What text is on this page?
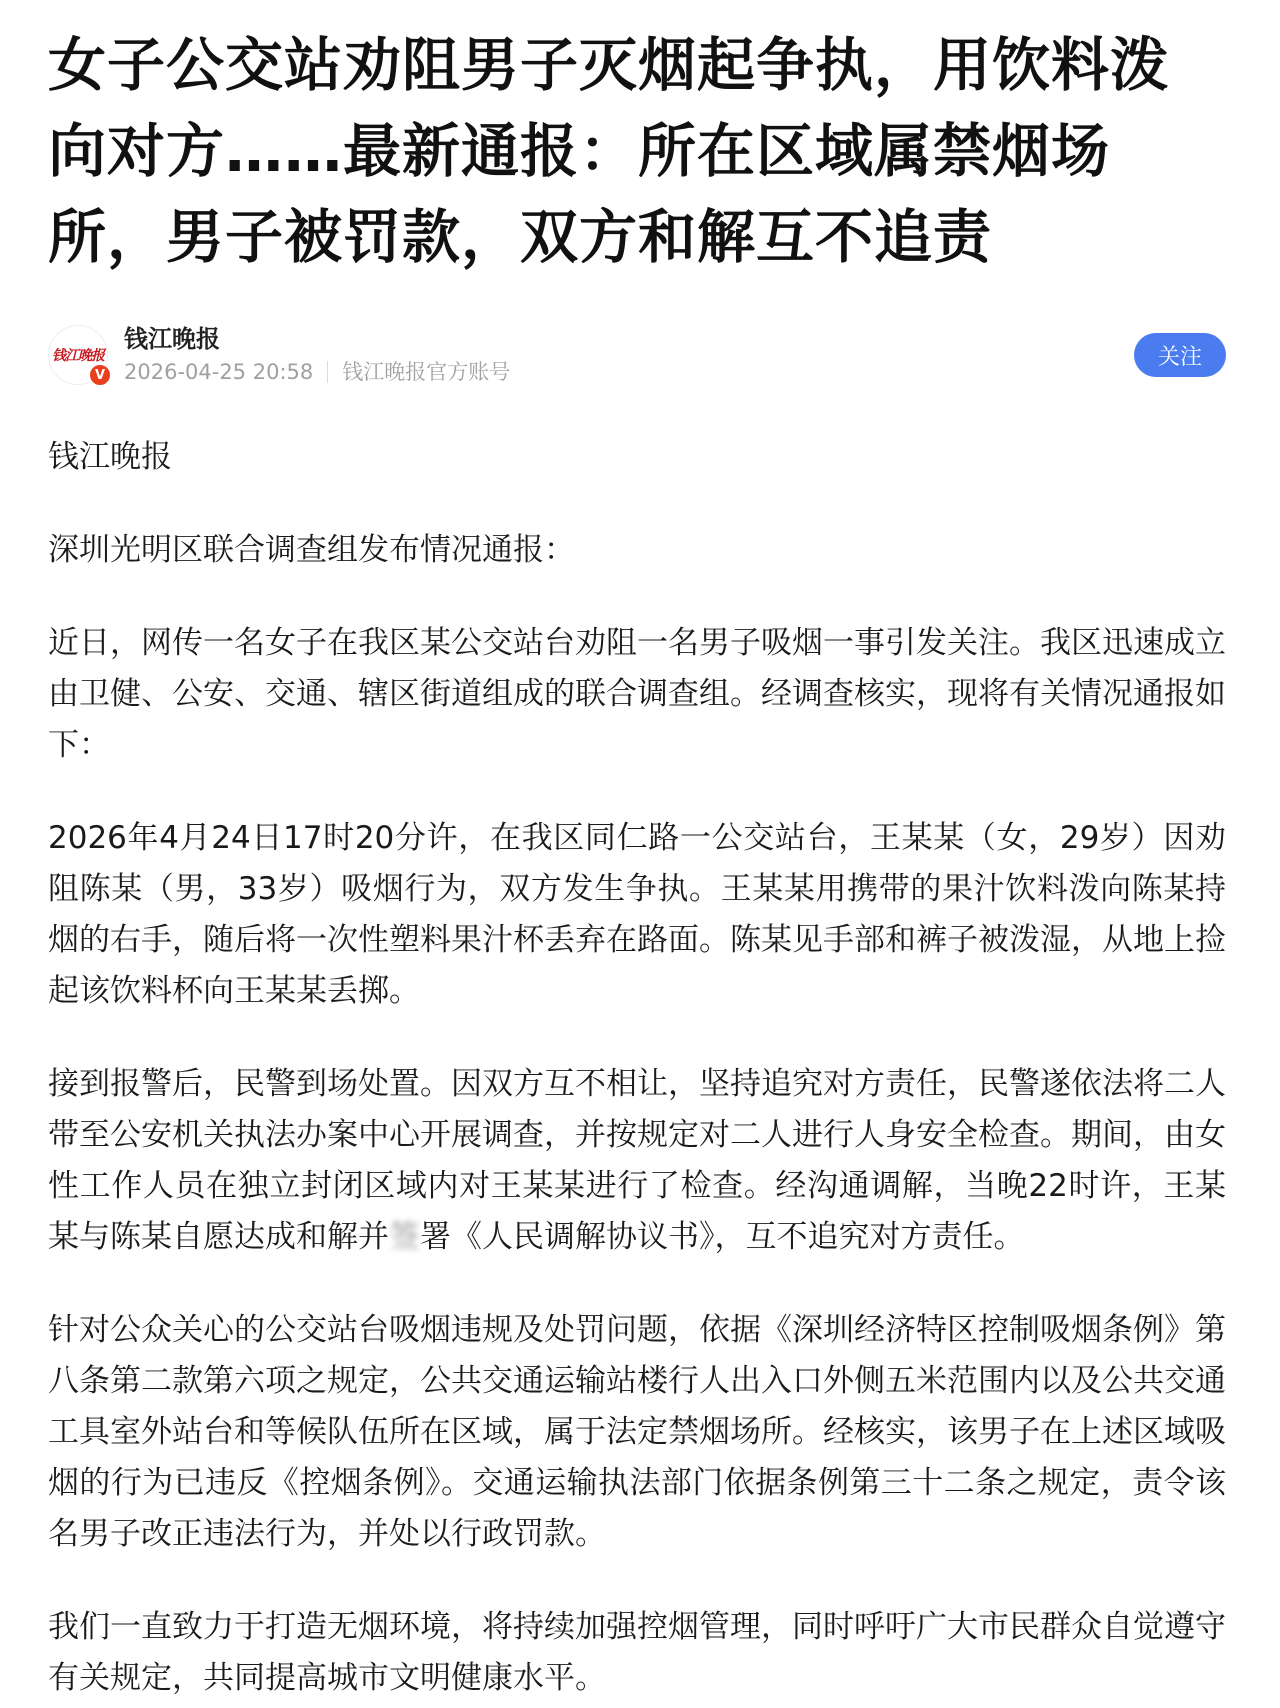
女子公交站劝阻男子灭烟起争执，用饮料泼向对方……最新通报：所在区域属禁烟场所，男子被罚款，双方和解互不追责
钱江晚报
V
钱江晚报
2026-04-25 20:58 钱江晚报官方账号
关注

钱江晚报

深圳光明区联合调查组发布情况通报：

近日，网传一名女子在我区某公交站台劝阻一名男子吸烟一事引发关注。我区迅速成立由卫健、公安、交通、辖区街道组成的联合调查组。经调查核实，现将有关情况通报如下：

2026年4月24日17时20分许，在我区同仁路一公交站台，王某某（女，29岁）因劝阻陈某（男，33岁）吸烟行为，双方发生争执。王某某用携带的果汁饮料泼向陈某持烟的右手，随后将一次性塑料果汁杯丢弃在路面。陈某见手部和裤子被泼湿，从地上捡起该饮料杯向王某某丢掷。

接到报警后，民警到场处置。因双方互不相让，坚持追究对方责任，民警遂依法将二人带至公安机关执法办案中心开展调查，并按规定对二人进行人身安全检查。期间，由女性工作人员在独立封闭区域内对王某某进行了检查。经沟通调解，当晚22时许，王某某与陈某自愿达成和解并签署《人民调解协议书》，互不追究对方责任。

针对公众关心的公交站台吸烟违规及处罚问题，依据《深圳经济特区控制吸烟条例》第八条第二款第六项之规定，公共交通运输站楼行人出入口外侧五米范围内以及公共交通工具室外站台和等候队伍所在区域，属于法定禁烟场所。经核实，该男子在上述区域吸烟的行为已违反《控烟条例》。交通运输执法部门依据条例第三十二条之规定，责令该名男子改正违法行为，并处以行政罚款。

我们一直致力于打造无烟环境，将持续加强控烟管理，同时呼吁广大市民群众自觉遵守有关规定，共同提高城市文明健康水平。
